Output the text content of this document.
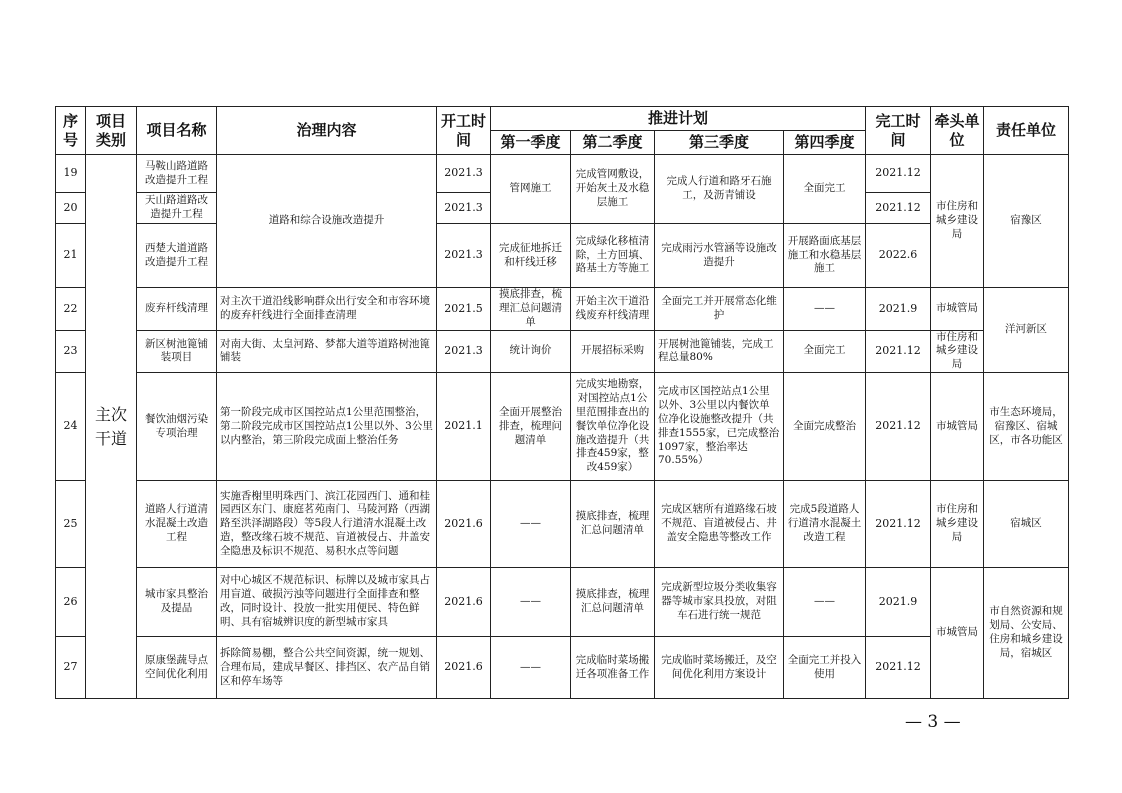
序号	项目类别	项目名称	治理内容	开工时间	推进计划				完工时间	牵头单位	责任单位
					第一季度	第二季度	第三季度	第四季度			
19	主次干道	马鞍山路道路改造提升工程	道路和综合设施改造提升	2021.3	管网施工	完成管网敷设，开始灰土及水稳层施工	完成人行道和路牙石施工，及沥青铺设	全面完工	2021.12	市住房和城乡建设局	宿豫区
20		天山路道路改造提升工程		2021.3					2021.12		
21		西楚大道道路改造提升工程		2021.3	完成征地拆迁和杆线迁移	完成绿化移植清除，土方回填、路基土方等施工	完成雨污水管涵等设施改造提升	开展路面底基层施工和水稳基层施工	2022.6		
22		废弃杆线清理	对主次干道沿线影响群众出行安全和市容环境的废弃杆线进行全面排查清理	2021.5	摸底排查，梳理汇总问题清单	开始主次干道沿线废弃杆线清理	全面完工并开展常态化维护	——	2021.9	市城管局	洋河新区
23		新区树池篦铺装项目	对南大街、太皇河路、梦都大道等道路树池篦铺装	2021.3	统计询价	开展招标采购	开展树池篦铺装，完成工程总量80%	全面完工	2021.12	市住房和城乡建设局	
24		餐饮油烟污染专项治理	第一阶段完成市区国控站点1公里范围整治，第二阶段完成市区国控站点1公里以外、3公里以内整治，第三阶段完成面上整治任务	2021.1	全面开展整治排查，梳理问题清单	完成实地勘察，对国控站点1公里范围排查出的餐饮单位净化设施改造提升（共排查459家，整改459家）	完成市区国控站点1公里以外、3公里以内餐饮单位净化设施整改提升（共排查1555家，已完成整治1097家，整治率达70.55%）	全面完成整治	2021.12	市城管局	市生态环境局，宿豫区、宿城区，市各功能区
25		道路人行道清水混凝土改造工程	实施香榭里明珠西门、滨江花园西门、通和桂园西区东门、康庭茗苑南门、马陵河路（西湖路至洪泽湖路段）等5段人行道清水混凝土改造，整改缘石坡不规范、盲道被侵占、井盖安全隐患及标识不规范、易积水点等问题	2021.6	——	摸底排查，梳理汇总问题清单	完成区辖所有道路缘石坡不规范、盲道被侵占、井盖安全隐患等整改工作	完成5段道路人行道清水混凝土改造工程	2021.12	市住房和城乡建设局	宿城区
26		城市家具整治及提品	对中心城区不规范标识、标牌以及城市家具占用盲道、破损污浊等问题进行全面排查和整改，同时设计、投放一批实用便民、特色鲜明、具有宿城辨识度的新型城市家具	2021.6	——	摸底排查，梳理汇总问题清单	完成新型垃圾分类收集容器等城市家具投放，对阻车石进行统一规范	——	2021.9	市城管局	市自然资源和规划局、公安局、住房和城乡建设局，宿城区
27		原康堡蔬导点空间优化利用	拆除简易棚，整合公共空间资源，统一规划、合理布局，建成早餐区、排挡区、农产品自销区和停车场等	2021.6	——	完成临时菜场搬迁各项准备工作	完成临时菜场搬迁，及空间优化利用方案设计	全面完工并投入使用	2021.12		
— 3 —
